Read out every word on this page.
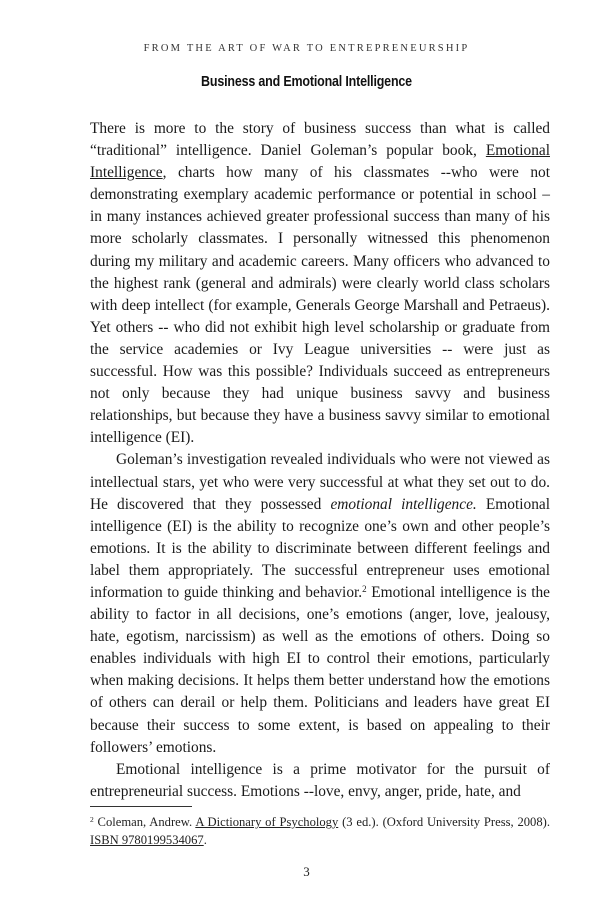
FROM THE ART OF WAR TO ENTREPRENEURSHIP
Business and Emotional Intelligence

There is more to the story of business success than what is called “traditional” intelligence. Daniel Goleman’s popular book, Emotional Intelligence, charts how many of his classmates --who were not demonstrating exemplary academic performance or potential in school – in many instances achieved greater professional success than many of his more scholarly classmates. I personally witnessed this phenomenon during my military and academic careers. Many officers who advanced to the highest rank (general and admirals) were clearly world class scholars with deep intellect (for example, Generals George Marshall and Petraeus). Yet others -- who did not exhibit high level scholarship or graduate from the service academies or Ivy League universities -- were just as successful. How was this possible? Individuals succeed as entrepreneurs not only because they had unique business savvy and business relationships, but because they have a business savvy similar to emotional intelligence (EI).

Goleman’s investigation revealed individuals who were not viewed as intellectual stars, yet who were very successful at what they set out to do. He discovered that they possessed emotional intelligence. Emotional intelligence (EI) is the ability to recognize one’s own and other people’s emotions. It is the ability to discriminate between different feelings and label them appropriately. The successful entrepreneur uses emotional information to guide thinking and behavior.$^2$ Emotional intelligence is the ability to factor in all decisions, one’s emotions (anger, love, jealousy, hate, egotism, narcissism) as well as the emotions of others. Doing so enables individuals with high EI to control their emotions, particularly when making decisions. It helps them better understand how the emotions of others can derail or help them. Politicians and leaders have great EI because their success to some extent, is based on appealing to their followers’ emotions.

Emotional intelligence is a prime motivator for the pursuit of entrepreneurial success. Emotions --love, envy, anger, pride, hate, and

$^2$ Coleman, Andrew. A Dictionary of Psychology (3 ed.). (Oxford University Press, 2008). ISBN 9780199534067.
3
